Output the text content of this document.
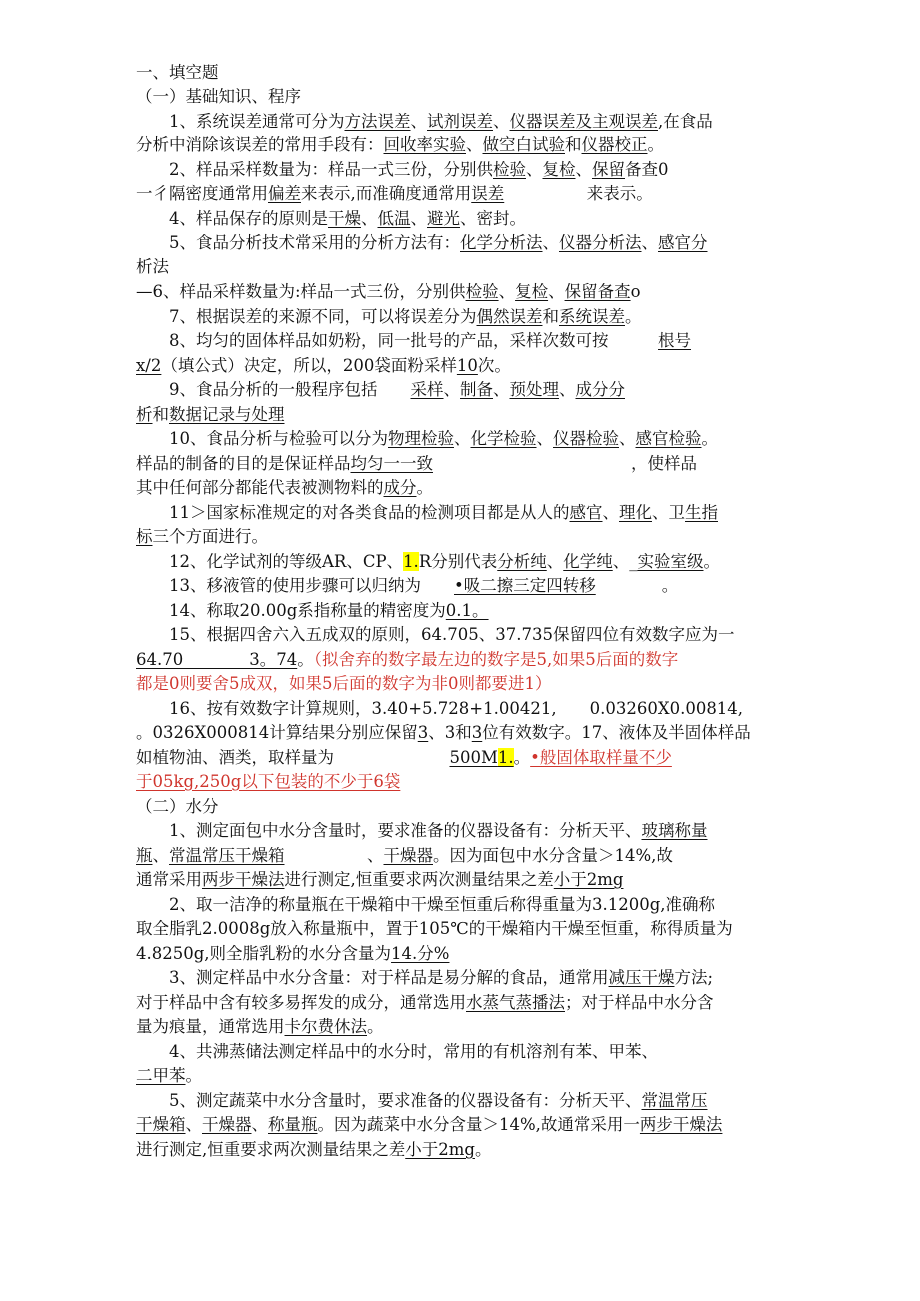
一、填空题
（一）基础知识、程序
　　1、系统误差通常可分为方法误差、试剂误差、仪器误差及主观误差,在食品
分析中消除该误差的常用手段有：回收率实验、做空白试验和仪器校正。
　　2、样品采样数量为：样品一式三份，分别供检验、复检、保留备查0
一彳隔密度通常用偏差来表示,而准确度通常用误差　　　　　来表示。
　　4、样品保存的原则是干燥、低温、避光、密封。
　　5、食品分析技术常采用的分析方法有：化学分析法、仪器分析法、感官分
析法
—6、样品采样数量为:样品一式三份，分别供检验、复检、保留备查o
　　7、根据误差的来源不同，可以将误差分为偶然误差和系统误差。
　　8、均匀的固体样品如奶粉，同一批号的产品，采样次数可按　　　根号
x/2（填公式）决定，所以，200袋面粉采样10次。
　　9、食品分析的一般程序包括　　采样、制备、预处理、成分分
析和数据记录与处理
　　10、食品分析与检验可以分为物理检验、化学检验、仪器检验、感官检验。
样品的制备的目的是保证样品均匀一一致　　　　　　　　　　　　，使样品
其中任何部分都能代表被测物料的成分。
　　11＞国家标准规定的对各类食品的检测项目都是从人的感官、理化、卫生指
标三个方面进行。
　　12、化学试剂的等级AR、CP、1.R分别代表分析纯、化学纯、_实验室级。
　　13、移液管的使用步骤可以归纳为　　•吸二擦三定四转移　　　　。
　　14、称取20.00g系指称量的精密度为0.1。
　　15、根据四舍六入五成双的原则，64.705、37.735保留四位有效数字应为一
64.70　　　　3。74。（拟舍弃的数字最左边的数字是5,如果5后面的数字
都是0则要舍5成双，如果5后面的数字为非0则都要进1）
　　16、按有效数字计算规则，3.40+5.728+1.00421,　　0.03260X0.00814,
。0326X000814计算结果分别应保留3、3和3位有效数字。17、液体及半固体样品
如植物油、酒类，取样量为　　　　　　　500M1.。•般固体取样量不少
于05kg,250g以下包装的不少于6袋
（二）水分
　　1、测定面包中水分含量时，要求准备的仪器设备有：分析天平、玻璃称量
瓶、常温常压干燥箱　　　　　、干燥器。因为面包中水分含量＞14%,故
通常采用两步干燥法进行测定,恒重要求两次测量结果之差小于2mg
　　2、取一洁净的称量瓶在干燥箱中干燥至恒重后称得重量为3.1200g,准确称
取全脂乳2.0008g放入称量瓶中，置于105℃的干燥箱内干燥至恒重，称得质量为
4.8250g,则全脂乳粉的水分含量为14.分%
　　3、测定样品中水分含量：对于样品是易分解的食品，通常用减压干燥方法;
对于样品中含有较多易挥发的成分，通常选用水蒸气蒸播法；对于样品中水分含
量为痕量，通常选用卡尔费休法。
　　4、共沸蒸储法测定样品中的水分时，常用的有机溶剂有苯、甲苯、
二甲苯。
　　5、测定蔬菜中水分含量时，要求准备的仪器设备有：分析天平、常温常压
干燥箱、干燥器、称量瓶。因为蔬菜中水分含量＞14%,故通常采用一两步干燥法
进行测定,恒重要求两次测量结果之差小于2mg。
